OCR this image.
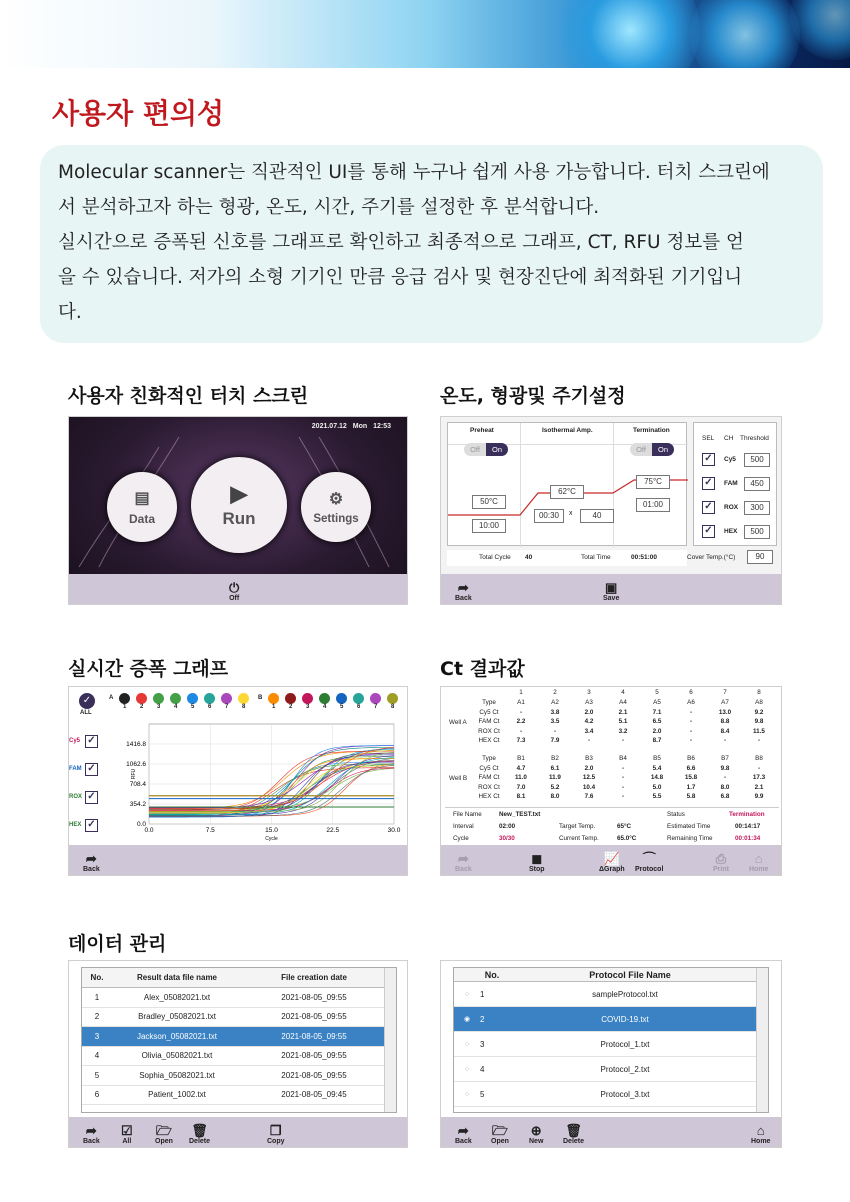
사용자 편의성
Molecular scanner는 직관적인 UI를 통해 누구나 쉽게 사용 가능합니다. 터치 스크린에
서 분석하고자 하는 형광, 온도, 시간, 주기를 설정한 후 분석합니다.
실시간으로 증폭된 신호를 그래프로 확인하고 최종적으로 그래프, CT, RFU 정보를 얻
을 수 있습니다. 저가의 소형 기기인 만큼 응급 검사 및 현장진단에 최적화된 기기입니
다.
사용자 친화적인 터치 스크린	온도, 형광및 주기설정
실시간 증폭 그래프	Ct 결과값
데이터 관리
2021.07.12 Mon 12:53
▤
Data
▶
Run
⚙
Settings
⏻
Off
Preheat	Isothermal Amp.	Termination
Off	On	Off	On
50°C
10:00
62°C
00:30	x	40
75°C
01:00
SEL CH Threshold
✓	Cy5	500
✓	FAM	450
✓	ROX	300
✓	HEX	500
Total Cycle 40	Total Time	00:51:00	Cover Temp.(°C)	90
➦
Back
▣
Save
✓
ALL
A	B
1	1
2	2
3	3
4	4
5	5
6	6
7	7
8	8
✓
✓
✓
✓
Cy5
FAM
ROX
HEX
0.0	7.5	15.0	22.5	30.0
0.0
354.2
708.4
1062.6
1416.8
Cycle
RFU
➦
Back
1	2	3	4	5	6	7	8
Well A
Type	A1	A2	A3	A4	A5	A6	A7	A8
Cy5 Ct	-	3.8	2.0	2.1	7.1	-	13.0	9.2
FAM Ct	2.2	3.5	4.2	5.1	6.5	-	8.8	9.8
ROX Ct	-	-	3.4	3.2	2.0	-	8.4	11.5
HEX Ct	7.3	7.9	-	-	8.7	-	-	-
Well B
Type	B1	B2	B3	B4	B5	B6	B7	B8
Cy5 Ct	4.7	6.1	2.0	-	5.4	6.6	9.8	-
FAM Ct	11.0	11.9	12.5	-	14.8	15.8	-	17.3
ROX Ct	7.0	5.2	10.4	-	5.0	1.7	8.0	2.1
HEX Ct	8.1	8.0	7.6	-	5.5	5.8	6.8	9.9
File Name	New_TEST.txt	Status	Termination
Interval	02:00	Target Temp.	65°C	Estimated Time	00:14:17
Cycle	30/30	Current Temp.	65.0°C	Remaining Time	00:01:34
➦
Back
◼
Stop
📈
ΔGraph
⌒
Protocol
⎙
Print
⌂
Home
No.	Result data file name	File creation date
1	Alex_05082021.txt	2021-08-05_09:55
2	Bradley_05082021.txt	2021-08-05_09:55
3	Jackson_05082021.txt	2021-08-05_09:55
4	Olivia_05082021.txt	2021-08-05_09:55
5	Sophia_05082021.txt	2021-08-05_09:55
6	Patient_1002.txt	2021-08-05_09:45
➦
Back
☑
All
🗁
Open
🗑
Delete
❐
Copy
No.	Protocol File Name
○	1	sampleProtocol.txt
◉	2	COVID-19.txt
○	3	Protocol_1.txt
○	4	Protocol_2.txt
○	5	Protocol_3.txt
➦
Back
🗁
Open
⊕
New
🗑
Delete
⌂
Home
